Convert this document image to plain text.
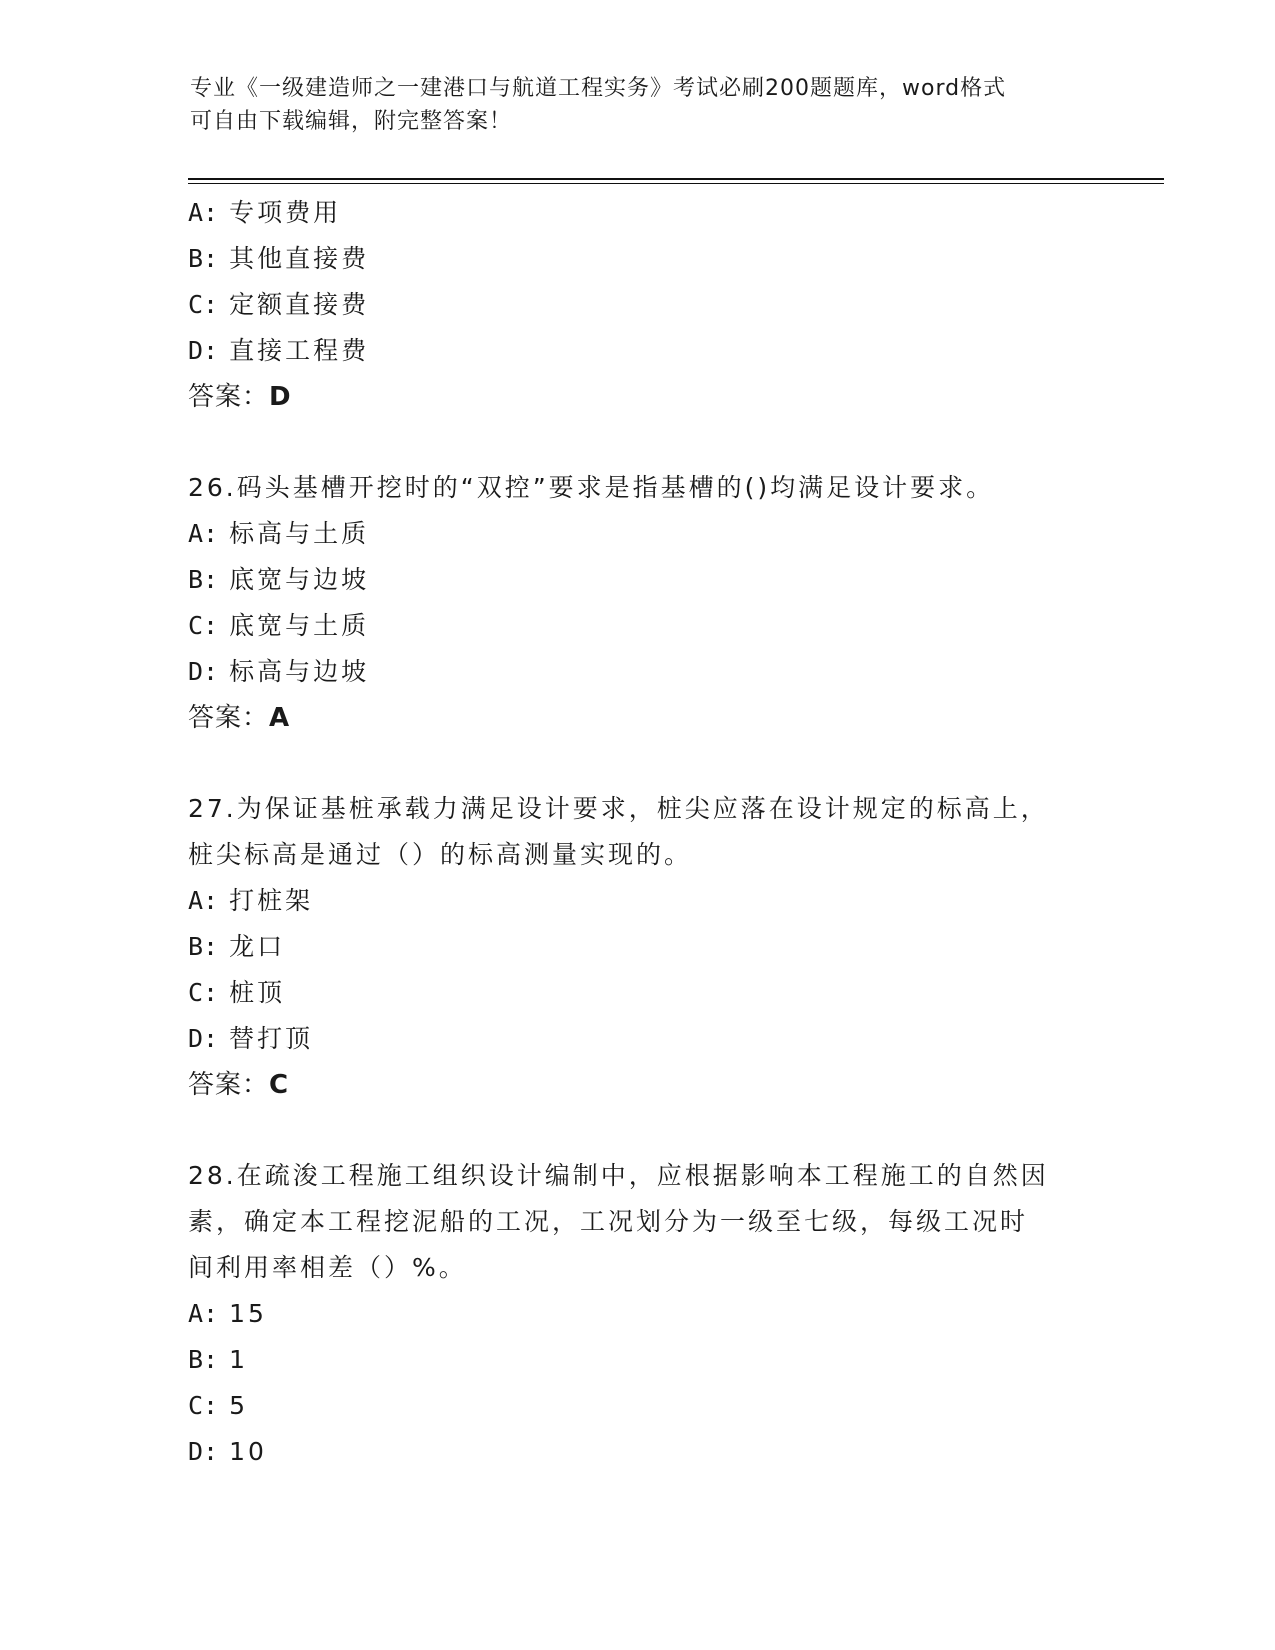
专业《一级建造师之一建港口与航道工程实务》考试必刷200题题库，word格式
可自由下载编辑，附完整答案！
A: 专项费用
B: 其他直接费
C: 定额直接费
D: 直接工程费
答案：D
26.码头基槽开挖时的“双控”要求是指基槽的()均满足设计要求。
A: 标高与土质
B: 底宽与边坡
C: 底宽与土质
D: 标高与边坡
答案：A
27.为保证基桩承载力满足设计要求，桩尖应落在设计规定的标高上，
桩尖标高是通过（）的标高测量实现的。
A: 打桩架
B: 龙口
C: 桩顶
D: 替打顶
答案：C
28.在疏浚工程施工组织设计编制中，应根据影响本工程施工的自然因
素，确定本工程挖泥船的工况，工况划分为一级至七级，每级工况时
间利用率相差（）%。
A: 15
B: 1
C: 5
D: 10
